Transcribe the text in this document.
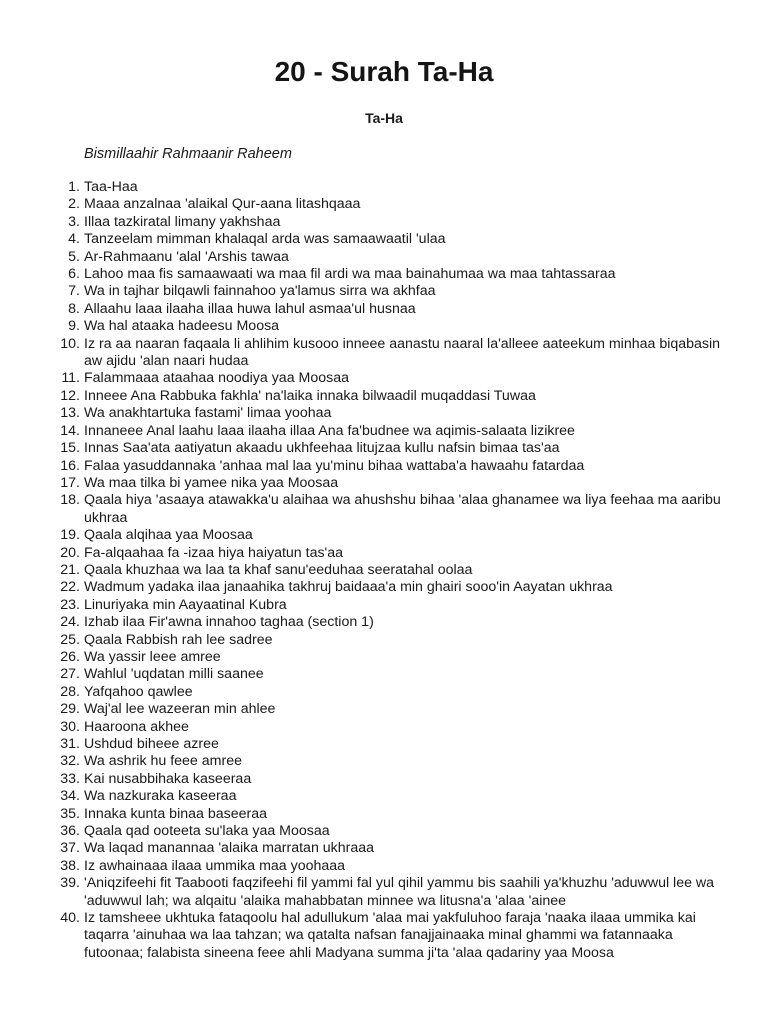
20 - Surah Ta-Ha
Ta-Ha
Bismillaahir Rahmaanir Raheem
1. Taa-Haa
2. Maaa anzalnaa 'alaikal Qur-aana litashqaaa
3. Illaa tazkiratal limany yakhshaa
4. Tanzeelam mimman khalaqal arda was samaawaatil 'ulaa
5. Ar-Rahmaanu 'alal 'Arshis tawaa
6. Lahoo maa fis samaawaati wa maa fil ardi wa maa bainahumaa wa maa tahtassaraa
7. Wa in tajhar bilqawli fainnahoo ya'lamus sirra wa akhfaa
8. Allaahu laaa ilaaha illaa huwa lahul asmaa'ul husnaa
9. Wa hal ataaka hadeesu Moosa
10. Iz ra aa naaran faqaala li ahlihim kusooo inneee aanastu naaral la'alleee aateekum minhaa biqabasin aw ajidu 'alan naari hudaa
11. Falammaaa ataahaa noodiya yaa Moosaa
12. Inneee Ana Rabbuka fakhla' na'laika innaka bilwaadil muqaddasi Tuwaa
13. Wa anakhtartuka fastami' limaa yoohaa
14. Innaneee Anal laahu laaa ilaaha illaa Ana fa'budnee wa aqimis-salaata lizikree
15. Innas Saa'ata aatiyatun akaadu ukhfeehaa litujzaa kullu nafsin bimaa tas'aa
16. Falaa yasuddannaka 'anhaa mal laa yu'minu bihaa wattaba'a hawaahu fatardaa
17. Wa maa tilka bi yamee nika yaa Moosaa
18. Qaala hiya 'asaaya atawakka'u alaihaa wa ahushshu bihaa 'alaa ghanamee wa liya feehaa ma aaribu ukhraa
19. Qaala alqihaa yaa Moosaa
20. Fa-alqaahaa fa -izaa hiya haiyatun tas'aa
21. Qaala khuzhaa wa laa ta khaf sanu'eeduhaa seeratahal oolaa
22. Wadmum yadaka ilaa janaahika takhruj baidaaa'a min ghairi sooo'in Aayatan ukhraa
23. Linuriyaka min Aayaatinal Kubra
24. Izhab ilaa Fir'awna innahoo taghaa (section 1)
25. Qaala Rabbish rah lee sadree
26. Wa yassir leee amree
27. Wahlul 'uqdatan milli saanee
28. Yafqahoo qawlee
29. Waj'al lee wazeeran min ahlee
30. Haaroona akhee
31. Ushdud biheee azree
32. Wa ashrik hu feee amree
33. Kai nusabbihaka kaseeraa
34. Wa nazkuraka kaseeraa
35. Innaka kunta binaa baseeraa
36. Qaala qad ooteeta su'laka yaa Moosaa
37. Wa laqad manannaa 'alaika marratan ukhraaa
38. Iz awhainaaa ilaaa ummika maa yoohaaa
39. 'Aniqzifeehi fit Taabooti faqzifeehi fil yammi fal yul qihil yammu bis saahili ya'khuzhu 'aduwwul lee wa 'aduwwul lah; wa alqaitu 'alaika mahabbatan minnee wa litusna'a 'alaa 'ainee
40. Iz tamsheee ukhtuka fataqoolu hal adullukum 'alaa mai yakfuluhoo faraja 'naaka ilaaa ummika kai taqarra 'ainuhaa wa laa tahzan; wa qatalta nafsan fanajjainaaka minal ghammi wa fatannaaka futoonaa; falabista sineena feee ahli Madyana summa ji'ta 'alaa qadariny yaa Moosa
